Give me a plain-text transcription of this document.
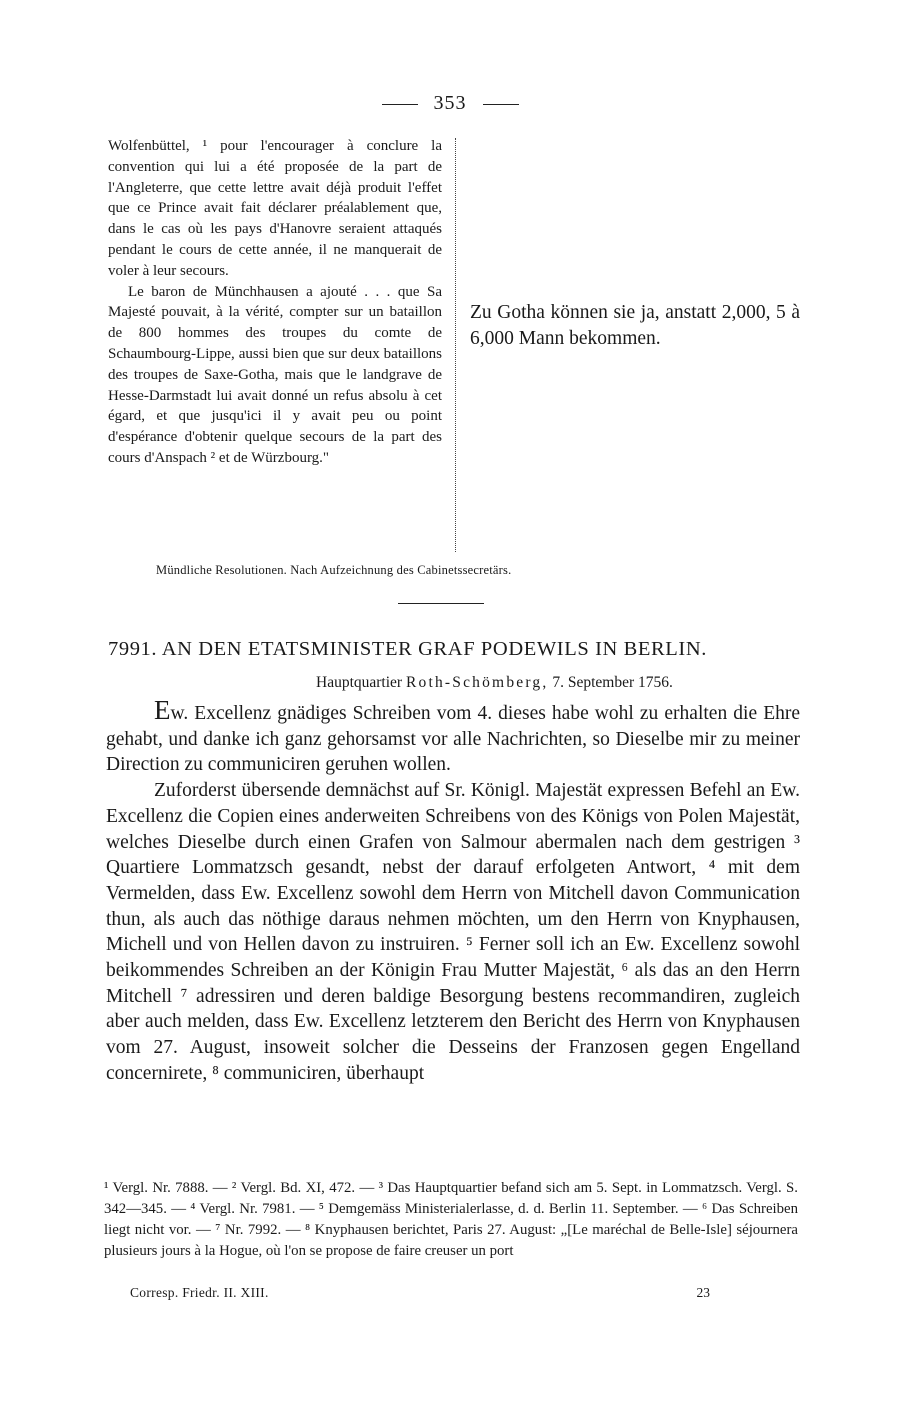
353

Wolfenbüttel, ¹ pour l'encourager à conclure la convention qui lui a été proposée de la part de l'Angleterre, que cette lettre avait déjà produit l'effet que ce Prince avait fait déclarer préalablement que, dans le cas où les pays d'Hanovre seraient attaqués pendant le cours de cette année, il ne manquerait de voler à leur secours.

Le baron de Münchhausen a ajouté . . . que Sa Majesté pouvait, à la vérité, compter sur un bataillon de 800 hommes des troupes du comte de Schaumbourg-Lippe, aussi bien que sur deux bataillons des troupes de Saxe-Gotha, mais que le landgrave de Hesse-Darmstadt lui avait donné un refus absolu à cet égard, et que jusqu'ici il y avait peu ou point d'espérance d'obtenir quelque secours de la part des cours d'Anspach ² et de Würzbourg."

Zu Gotha können sie ja, anstatt 2,000, 5 à 6,000 Mann bekommen.
Mündliche Resolutionen. Nach Aufzeichnung des Cabinetssecretärs.
7991. AN DEN ETATSMINISTER GRAF PODEWILS IN BERLIN.
Hauptquartier Roth-Schömberg, 7. September 1756.

Ew. Excellenz gnädiges Schreiben vom 4. dieses habe wohl zu erhalten die Ehre gehabt, und danke ich ganz gehorsamst vor alle Nachrichten, so Dieselbe mir zu meiner Direction zu communiciren geruhen wollen.

Zuforderst übersende demnächst auf Sr. Königl. Majestät expressen Befehl an Ew. Excellenz die Copien eines anderweiten Schreibens von des Königs von Polen Majestät, welches Dieselbe durch einen Grafen von Salmour abermalen nach dem gestrigen ³ Quartiere Lommatzsch gesandt, nebst der darauf erfolgeten Antwort, ⁴ mit dem Vermelden, dass Ew. Excellenz sowohl dem Herrn von Mitchell davon Communication thun, als auch das nöthige daraus nehmen möchten, um den Herrn von Knyphausen, Michell und von Hellen davon zu instruiren. ⁵ Ferner soll ich an Ew. Excellenz sowohl beikommendes Schreiben an der Königin Frau Mutter Majestät, ⁶ als das an den Herrn Mitchell ⁷ adressiren und deren baldige Besorgung bestens recommandiren, zugleich aber auch melden, dass Ew. Excellenz letzterem den Bericht des Herrn von Knyphausen vom 27. August, insoweit solcher die Desseins der Franzosen gegen Engelland concernirete, ⁸ communiciren, überhaupt

¹ Vergl. Nr. 7888. — ² Vergl. Bd. XI, 472. — ³ Das Hauptquartier befand sich am 5. Sept. in Lommatzsch. Vergl. S. 342—345. — ⁴ Vergl. Nr. 7981. — ⁵ Demgemäss Ministerialerlasse, d. d. Berlin 11. September. — ⁶ Das Schreiben liegt nicht vor. — ⁷ Nr. 7992. — ⁸ Knyphausen berichtet, Paris 27. August: „[Le maréchal de Belle-Isle] séjournera plusieurs jours à la Hogue, où l'on se propose de faire creuser un port

Corresp. Friedr. II. XIII.	23
